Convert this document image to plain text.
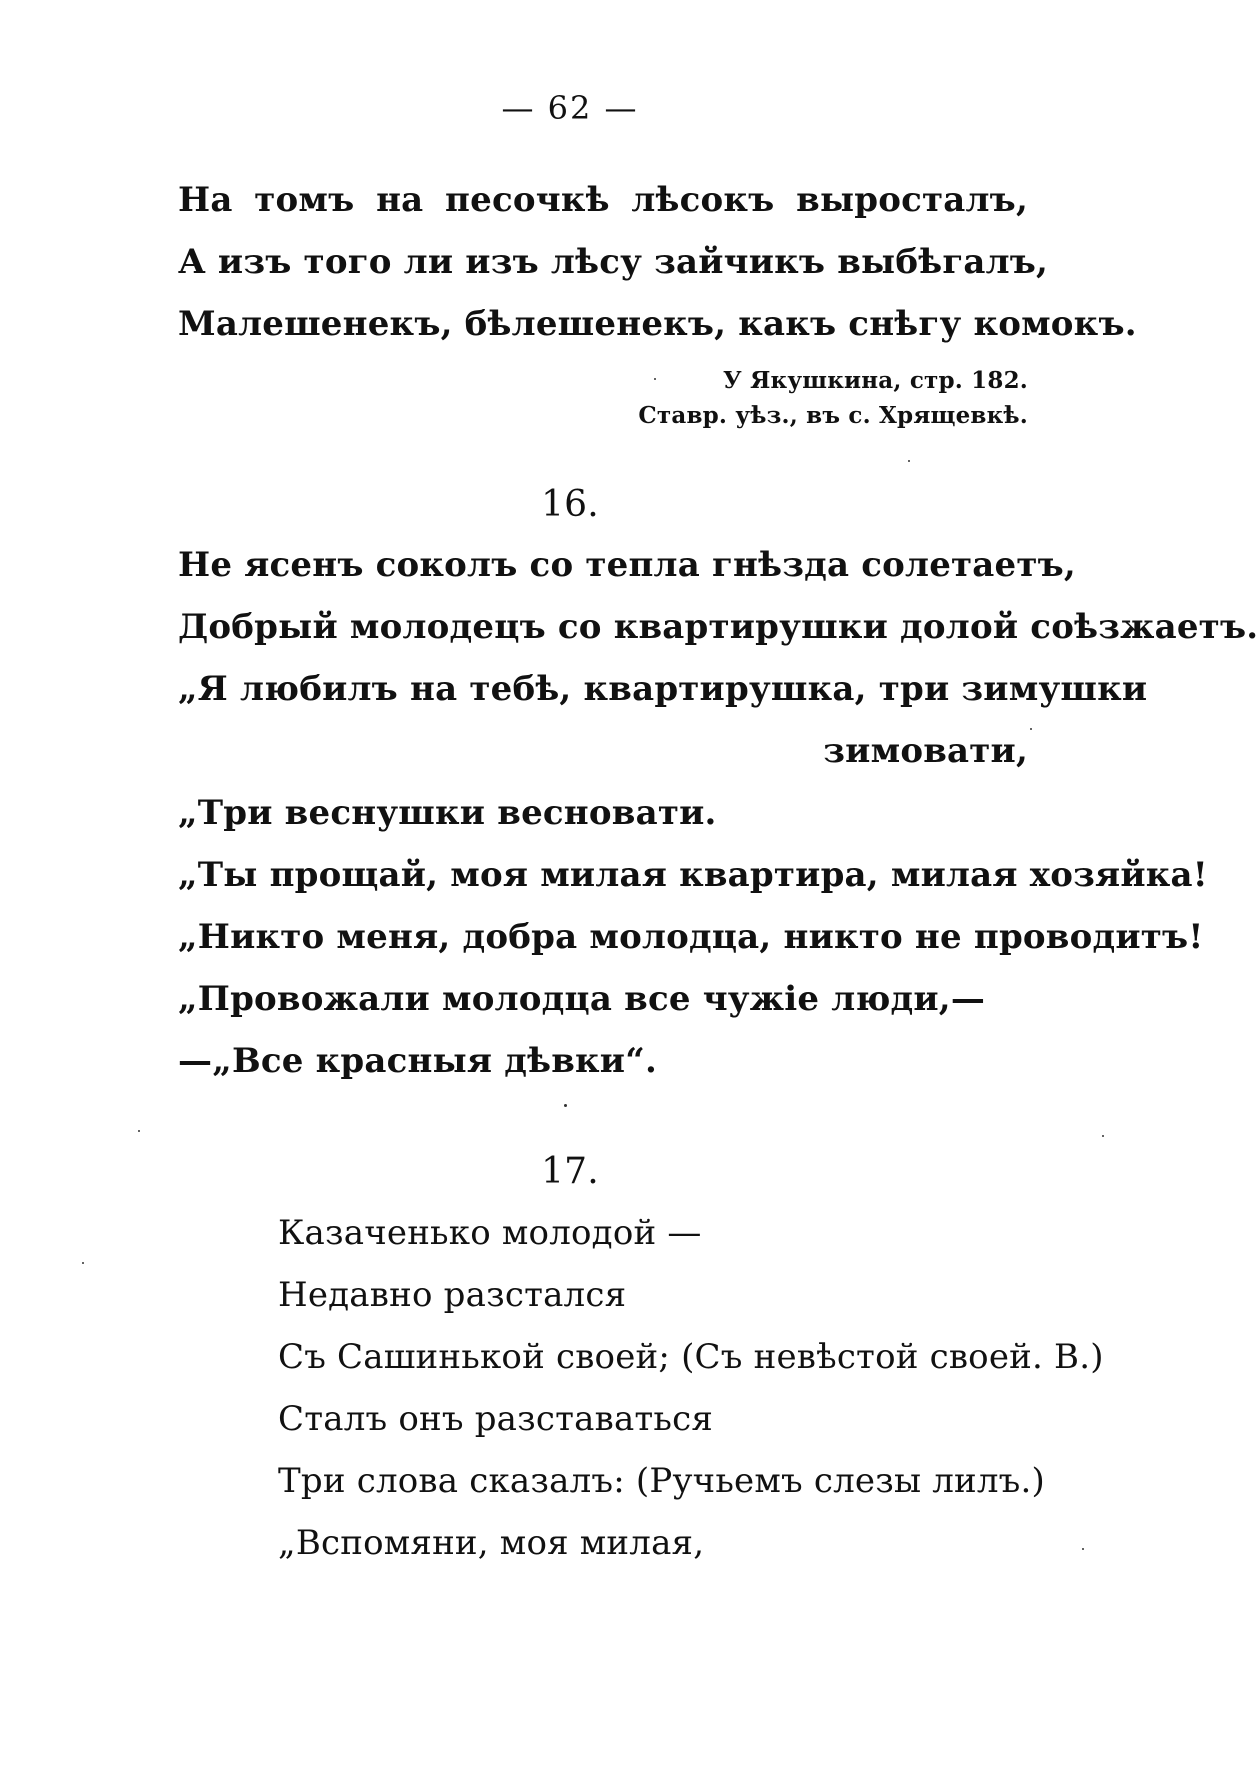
— 62 —
На томъ на песочкѣ лѣсокъ выросталъ,
А изъ того ли изъ лѣсу зайчикъ выбѣгалъ,
Малешенекъ, бѣлешенекъ, какъ снѣгу комокъ.
У Якушкина, стр. 182.
Ставр. уѣз., въ с. Хрящевкѣ.
16.
Не ясенъ соколъ со тепла гнѣзда солетаетъ,
Добрый молодецъ со квартирушки долой соѣзжаетъ.
„Я любилъ на тебѣ, квартирушка, три зимушки
зимовати,
„Три веснушки весновати.
„Ты прощай, моя милая квартира, милая хозяйка!
„Никто меня, добра молодца, никто не проводитъ!
„Провожали молодца все чужіе люди,—
—„Все красныя дѣвки“.
17.
Казаченько молодой —
Недавно разстался
Съ Сашинькой своей; (Съ невѣстой своей. В.)
Сталъ онъ разставаться
Три слова сказалъ: (Ручьемъ слезы лилъ.)
„Вспомяни, моя милая,
